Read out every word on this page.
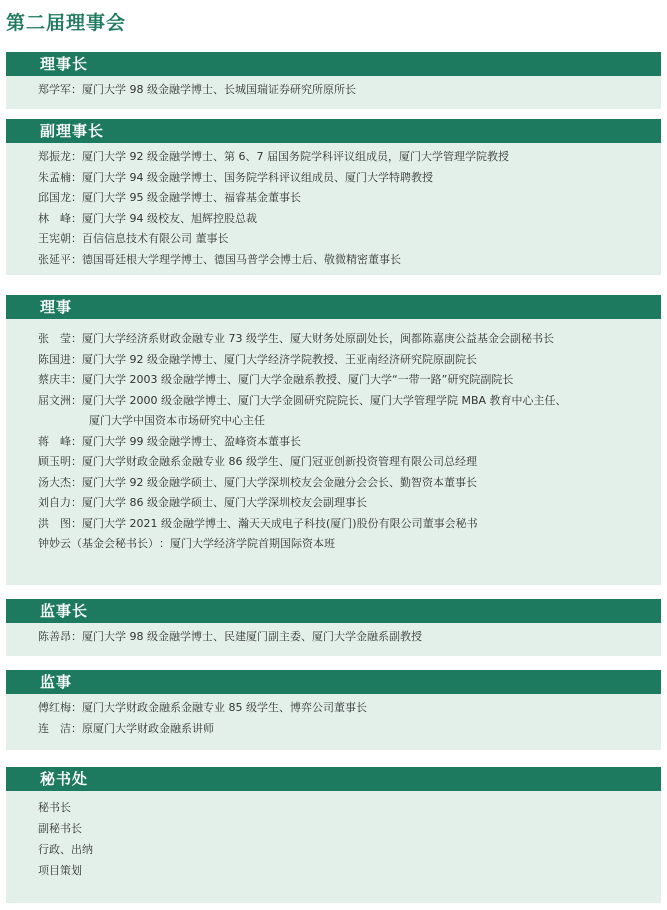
第二届理事会
理事长
郑学军：厦门大学 98 级金融学博士、长城国瑞证券研究所原所长
副理事长
郑振龙：厦门大学 92 级金融学博士、第 6、7 届国务院学科评议组成员，厦门大学管理学院教授
朱孟楠：厦门大学 94 级金融学博士、国务院学科评议组成员、厦门大学特聘教授
邱国龙：厦门大学 95 级金融学博士、福睿基金董事长
林　峰：厦门大学 94 级校友、旭辉控股总裁
王宪朝：百信信息技术有限公司 董事长
张延平：德国哥廷根大学理学博士、德国马普学会博士后、敬微精密董事长
理事
张　莹：厦门大学经济系财政金融专业 73 级学生、厦大财务处原副处长，闽都陈嘉庚公益基金会副秘书长
陈国进：厦门大学 92 级金融学博士、厦门大学经济学院教授、王亚南经济研究院原副院长
蔡庆丰：厦门大学 2003 级金融学博士、厦门大学金融系教授、厦门大学“一带一路”研究院副院长
屈文洲：厦门大学 2000 级金融学博士、厦门大学金圆研究院院长、厦门大学管理学院 MBA 教育中心主任、
厦门大学中国资本市场研究中心主任
蒋　峰：厦门大学 99 级金融学博士、盈峰资本董事长
顾玉明：厦门大学财政金融系金融专业 86 级学生、厦门冠亚创新投资管理有限公司总经理
汤大杰：厦门大学 92 级金融学硕士、厦门大学深圳校友会金融分会会长、勤智资本董事长
刘自力：厦门大学 86 级金融学硕士、厦门大学深圳校友会副理事长
洪　图：厦门大学 2021 级金融学博士、瀚天天成电子科技(厦门)股份有限公司董事会秘书
钟妙云（基金会秘书长）：厦门大学经济学院首期国际资本班
监事长
陈善昂：厦门大学 98 级金融学博士、民建厦门副主委、厦门大学金融系副教授
监事
傅红梅：厦门大学财政金融系金融专业 85 级学生、博弈公司董事长
连　洁：原厦门大学财政金融系讲师
秘书处
秘书长
副秘书长
行政、出纳
项目策划
